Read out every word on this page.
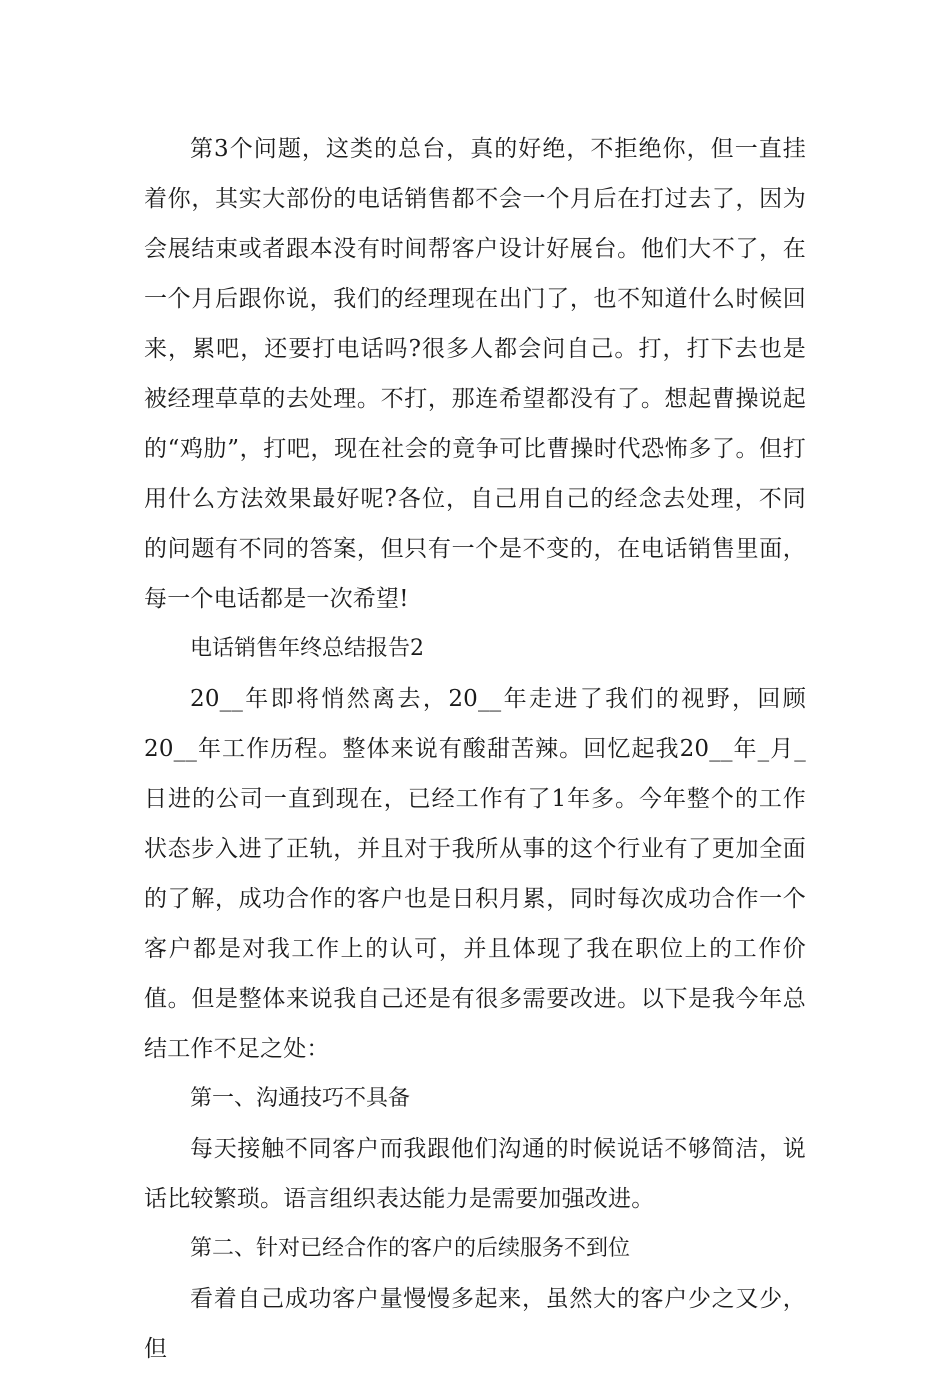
第3个问题，这类的总台，真的好绝，不拒绝你，但一直挂着你，其实大部份的电话销售都不会一个月后在打过去了，因为会展结束或者跟本没有时间帮客户设计好展台。他们大不了，在一个月后跟你说，我们的经理现在出门了，也不知道什么时候回来，累吧，还要打电话吗?很多人都会问自己。打，打下去也是被经理草草的去处理。不打，那连希望都没有了。想起曹操说起的“鸡肋”，打吧，现在社会的竟争可比曹操时代恐怖多了。但打用什么方法效果最好呢?各位，自己用自己的经念去处理，不同的问题有不同的答案，但只有一个是不变的，在电话销售里面，每一个电话都是一次希望!

电话销售年终总结报告2

20__年即将悄然离去，20__年走进了我们的视野，回顾20__年工作历程。整体来说有酸甜苦辣。回忆起我20__年_月_日进的公司一直到现在，已经工作有了1年多。今年整个的工作状态步入进了正轨，并且对于我所从事的这个行业有了更加全面的了解，成功合作的客户也是日积月累，同时每次成功合作一个客户都是对我工作上的认可，并且体现了我在职位上的工作价值。但是整体来说我自己还是有很多需要改进。以下是我今年总结工作不足之处：

第一、沟通技巧不具备

每天接触不同客户而我跟他们沟通的时候说话不够简洁，说话比较繁琐。语言组织表达能力是需要加强改进。

第二、针对已经合作的客户的后续服务不到位

看着自己成功客户量慢慢多起来，虽然大的客户少之又少，但
